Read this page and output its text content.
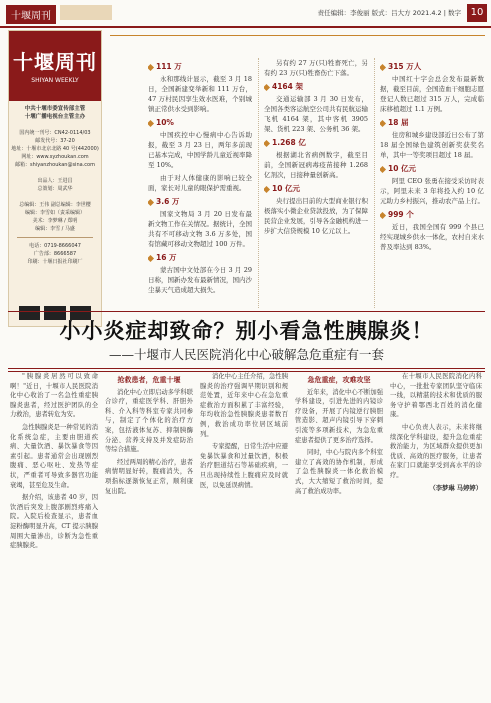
十堰周刊	责任编辑：李俊丽 版式：吕大方 2021.4.2 | 数字 10
十堰周刊
SHIYAN WEEKLY
中共十堰市委宣传部主管
十堰广播电视台主管主办

国内统一刊号：CN42-0114/03
邮发代号：37-20
地址：十堰市北京北路 40 号(442000)
网址：www.syzhoukan.com
邮箱：shiyanzhoukan@sina.com

出品人：王进昌
总策划：周武华

总编辑：王伟 副总编辑：李世樱
编辑：李雪如（责采编辑）
美术：李梦琳 / 郑明
编辑：李雪 / 马盛
电话：0719-8666047
广告部：8666587
印刷：十堰日报社印刷厂
111 万

永和那线计显示，截至 3 月 18 日，全国新建变举新和 111 万台，47 万村民因享生效水医难，个别城镇正常供水受到影响。

10%

中国疾控中心慢病中心告诉助报，截至 3 月 23 日，两年多前现已基本完成，中国学龄儿童近视率降至 10%。

由于对人体健康的影响已较全面，家长对儿童的眼保护需重视。

3.6 万

国家文物局 3 月 20 日发布最新文物工作在关情况。据统计，全国共有不可移动文物 3.6 万多处，国有馆藏可移动文物超过 100 万件。

16 万

蒙古国中文处部在今日 3 月 29 日称，国新办发布最新情况，国内沙尘暴天气造成超大损失。

另有约 27 万(只)牲畜死亡，另有约 23 万(只)牲畜伤亡下落。

4164 架

交通运输部 3 月 30 日发布，全国各类客运航空公司共有民航运输飞机 4164 架，其中客机 3905 架、货机 223 架、公务机 36 架。

1.268 亿

根据湖北省病例数字，截至目前，全国新冠病毒疫苗接种 1.268 亿剂次，日接种量创新高。

10 亿元

央行提出目前的大型商业银行积极落实小微企业贷款投放，为了保障民营企业发展，引导各金融机构进一步扩大信贷规模 10 亿元以上。

315 万人

中国红十字会总会发布最新数据，截至目前，全国造血干细胞志愿登记人数已超过 315 万人，完成临床移植超过 1.1 万例。

18 届

住房和城乡建设部近日公布了第 18 届全国绿色建筑创新奖获奖名单，其中一等奖项目超过 18 届。

10 亿元

阿里 CEO 张勇在接受采访时表示，阿里未来 3 年将投入约 10 亿元助力乡村振兴，推动农产品上行。

999 个

近日，我国全国有 999 个县已经实现城乡供水一体化，农村自来水普及率达到 83%。

小小炎症却致命？别小看急性胰腺炎！
——十堰市人民医院消化中心破解急危重症有一套

"胰腺炎居然可以致命啊！"近日，十堰市人民医院消化中心收治了一名急性重症胰腺炎患者，经过医护团队的全力救治，患者转危为安。

急性胰腺炎是一种常见的消化系统急症，主要由胆道疾病、大量饮酒、暴饮暴食等因素引起。患者通常会出现剧烈腹痛、恶心呕吐、发热等症状，严重者可导致多器官功能衰竭，甚至危及生命。

据介绍，该患者 40 岁，因饮酒后突发上腹部剧烈疼痛入院。入院后检查显示，患者血淀粉酶明显升高，CT 提示胰腺周围大量渗出，诊断为急性重症胰腺炎。

抢救患者，危重十堰

消化中心立即启动多学科联合诊疗，重症医学科、肝胆外科、介入科等科室专家共同参与，制定了个体化的治疗方案，包括液体复苏、抑制胰酶分泌、营养支持及并发症防治等综合措施。

经过两周的精心治疗，患者病情明显好转，腹痛消失，各项指标逐渐恢复正常，顺利康复出院。

消化中心主任介绍，急性胰腺炎的治疗强调早期识别和规范处置，近年来中心在急危重症救治方面积累了丰富经验，年均收治急性胰腺炎患者数百例，救治成功率位居区域前列。

专家提醒，日常生活中应避免暴饮暴食和过量饮酒，积极治疗胆道结石等基础疾病，一旦出现持续性上腹痛应及时就医，以免延误病情。

急危重症，攻难攻坚

近年来，消化中心不断加强学科建设，引进先进的内镜诊疗设备，开展了内镜逆行胰胆管造影、超声内镜引导下穿刺引流等多项新技术，为急危重症患者提供了更多治疗选择。

同时，中心与院内多个科室建立了高效的协作机制，形成了急性胰腺炎一体化救治模式，大大缩短了救治时间，提高了救治成功率。

在十堰市人民医院消化内科中心，一批批专家团队坚守临床一线，以精湛的技术和优质的服务守护着鄂西北百姓的消化健康。

中心负责人表示，未来将继续深化学科建设，提升急危重症救治能力，为区域群众提供更加优质、高效的医疗服务，让患者在家门口就能享受到高水平的诊疗。

（李梦琳 马婷婷）
